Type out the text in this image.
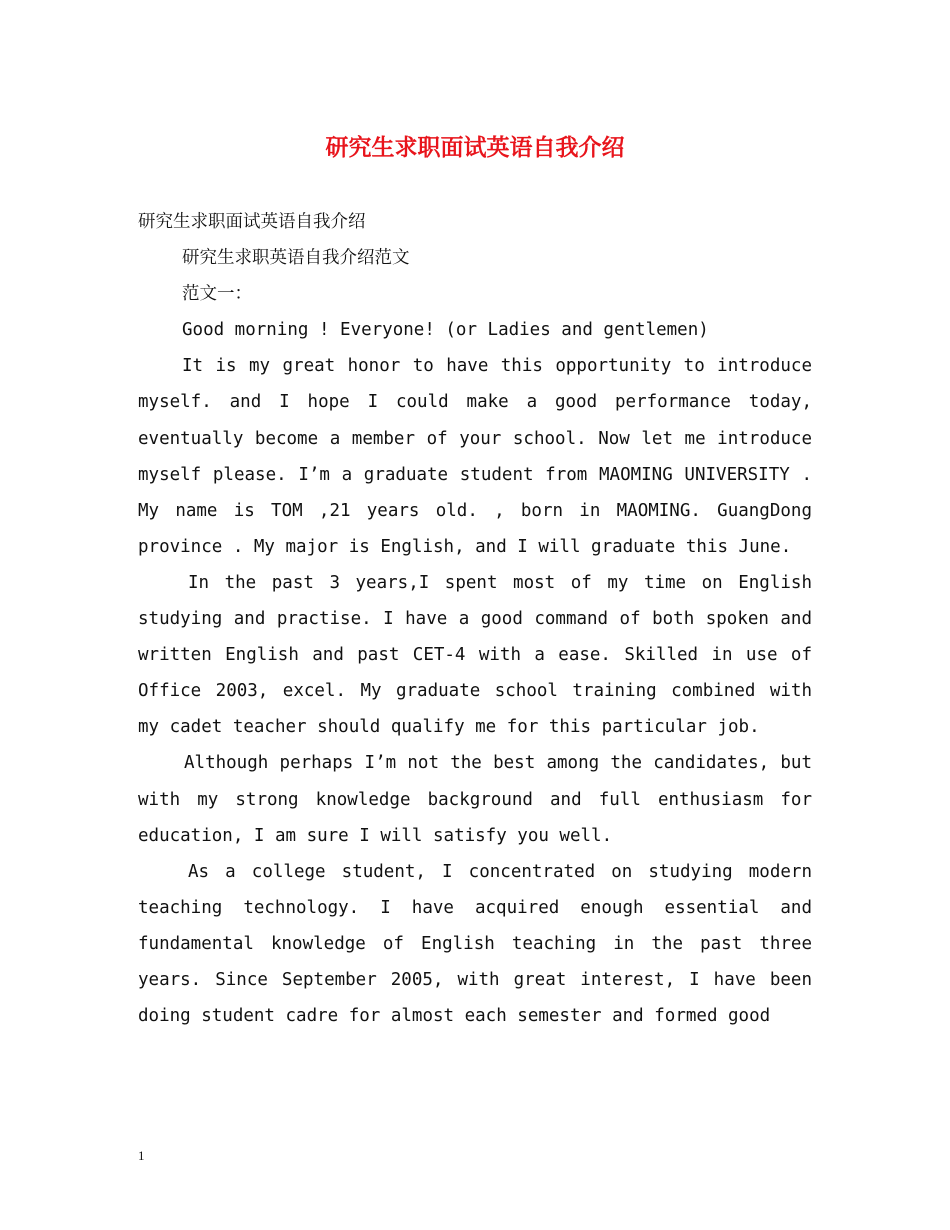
研究生求职面试英语自我介绍

研究生求职面试英语自我介绍

研究生求职英语自我介绍范文

范文一：

Good morning ! Everyone! (or Ladies and gentlemen)

It is my great honor to have this opportunity to introduce myself. and I hope I could make a good performance today, eventually become a member of your school. Now let me introduce myself please. I’m a graduate student from MAOMING UNIVERSITY . My name is TOM ,21 years old. , born in MAOMING. GuangDong province . My major is English, and I will graduate this June.

In the past 3 years,I spent most of my time on English studying and practise. I have a good command of both spoken and written English and past CET-4 with a ease. Skilled in use of Office 2003, excel. My graduate school training combined with my cadet teacher should qualify me for this particular job.

Although perhaps I’m not the best among the candidates, but with my strong knowledge background and full enthusiasm for education, I am sure I will satisfy you well.

As a college student, I concentrated on studying modern teaching technology. I have acquired enough essential and fundamental knowledge of English teaching in the past three years. Since September 2005, with great interest, I have been doing student cadre for almost each semester and formed good

1
